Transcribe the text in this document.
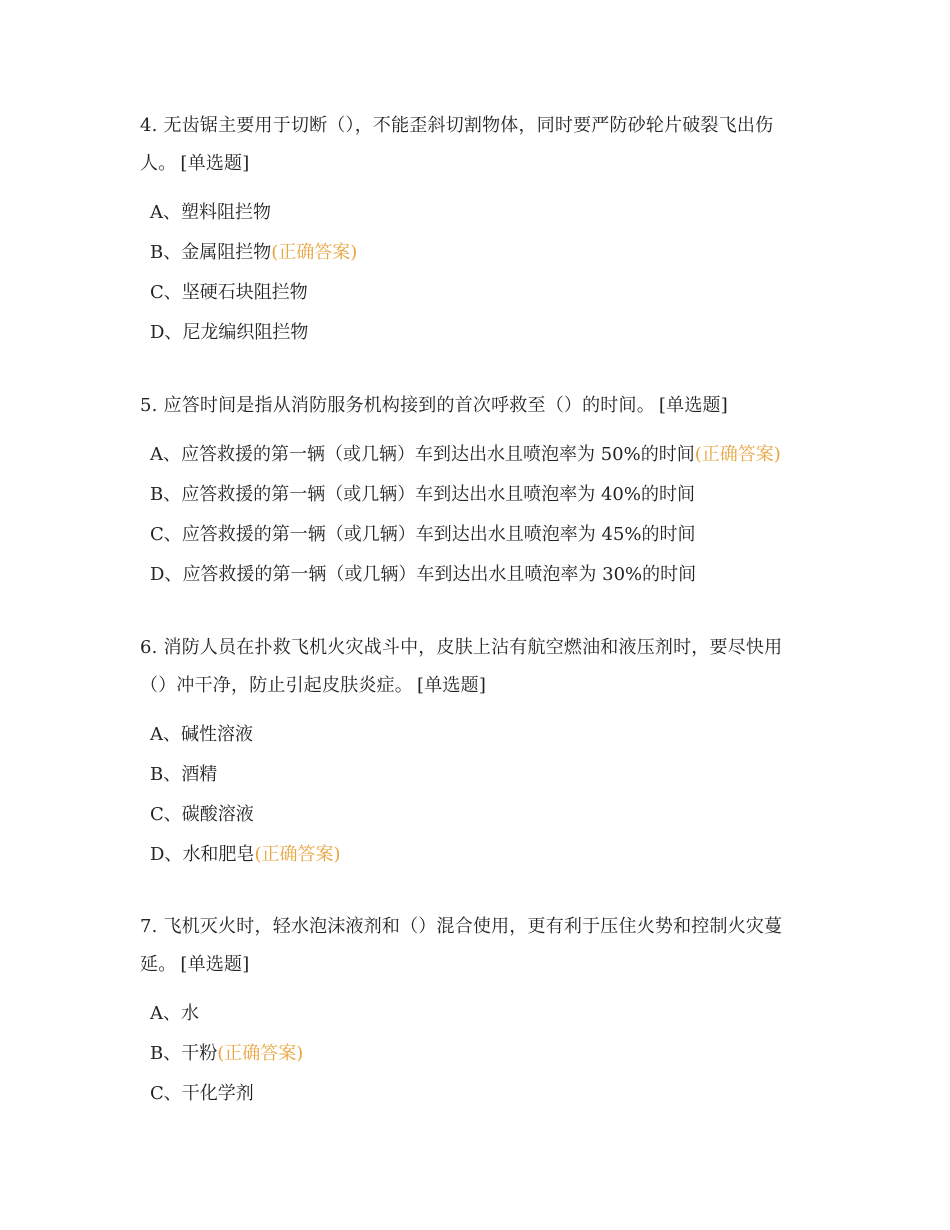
4. 无齿锯主要用于切断（），不能歪斜切割物体，同时要严防砂轮片破裂飞出伤人。 [单选题]

A、塑料阻拦物
B、金属阻拦物(正确答案)
C、坚硬石块阻拦物
D、尼龙编织阻拦物

5. 应答时间是指从消防服务机构接到的首次呼救至（）的时间。 [单选题]

A、应答救援的第一辆（或几辆）车到达出水且喷泡率为 50%的时间(正确答案)
B、应答救援的第一辆（或几辆）车到达出水且喷泡率为 40%的时间
C、应答救援的第一辆（或几辆）车到达出水且喷泡率为 45%的时间
D、应答救援的第一辆（或几辆）车到达出水且喷泡率为 30%的时间

6. 消防人员在扑救飞机火灾战斗中，皮肤上沾有航空燃油和液压剂时，要尽快用（）冲干净，防止引起皮肤炎症。 [单选题]

A、碱性溶液
B、酒精
C、碳酸溶液
D、水和肥皂(正确答案)

7. 飞机灭火时，轻水泡沫液剂和（）混合使用，更有利于压住火势和控制火灾蔓延。 [单选题]

A、水
B、干粉(正确答案)
C、干化学剂
